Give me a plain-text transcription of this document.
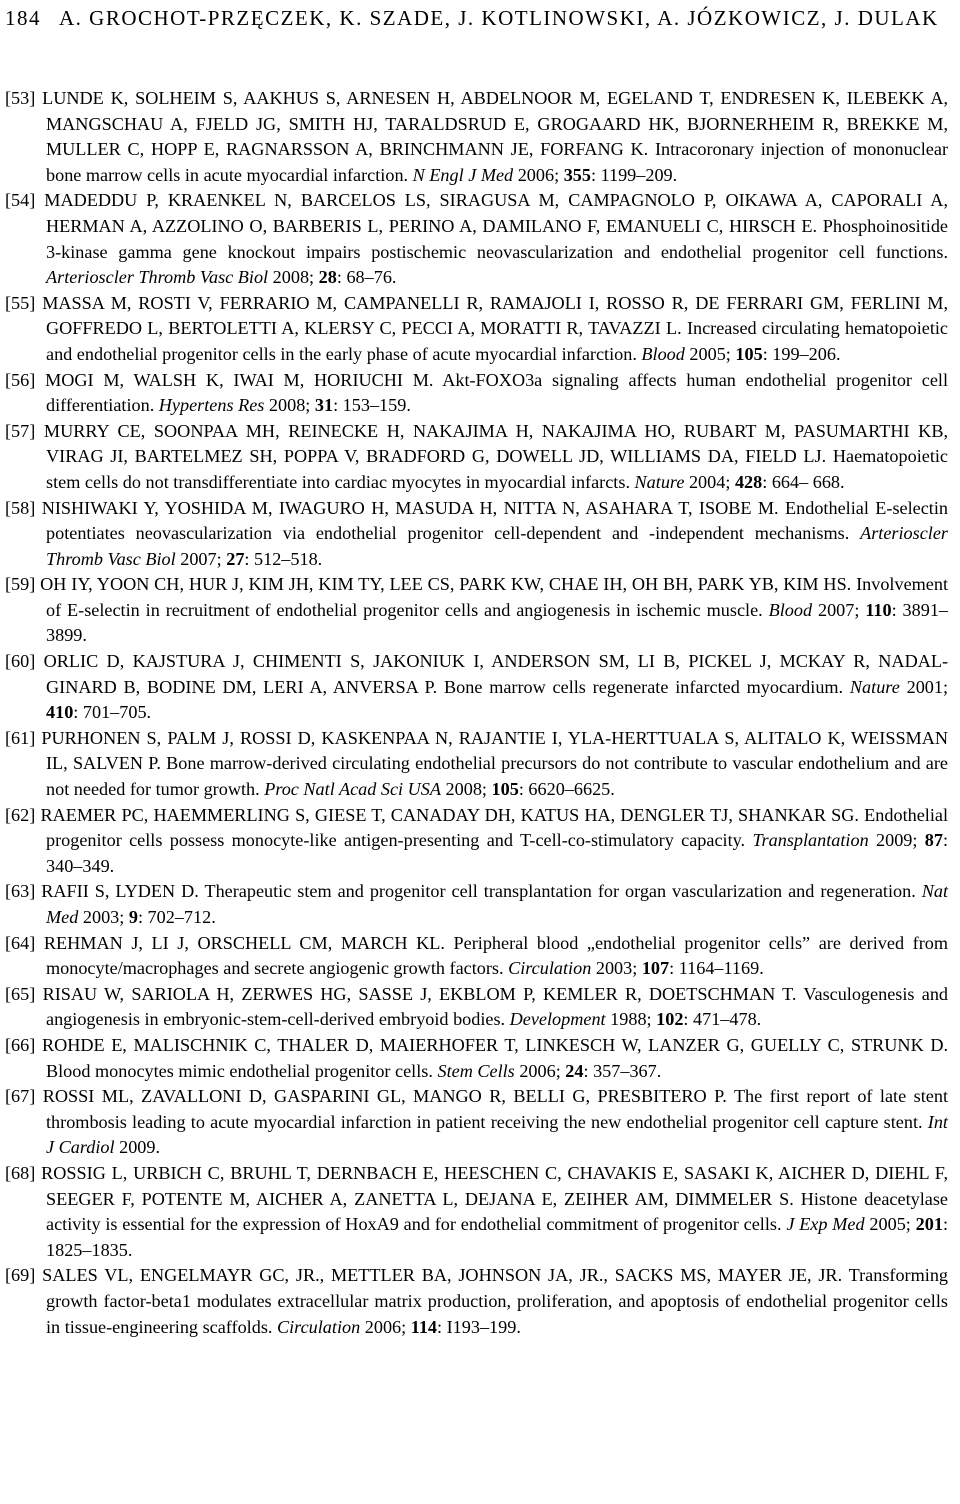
184 A. GROCHOT-PRZĘCZEK, K. SZADE, J. KOTLINOWSKI, A. JÓZKOWICZ, J. DULAK

[53] LUNDE K, SOLHEIM S, AAKHUS S, ARNESEN H, ABDELNOOR M, EGELAND T, ENDRESEN K, ILEBEKK A, MANGSCHAU A, FJELD JG, SMITH HJ, TARALDSRUD E, GROGAARD HK, BJORNERHEIM R, BREKKE M, MULLER C, HOPP E, RAGNARSSON A, BRINCHMANN JE, FORFANG K. Intracoronary injection of mononuclear bone marrow cells in acute myocardial infarction. N Engl J Med 2006; 355: 1199–209.

[54] MADEDDU P, KRAENKEL N, BARCELOS LS, SIRAGUSA M, CAMPAGNOLO P, OIKAWA A, CAPORALI A, HERMAN A, AZZOLINO O, BARBERIS L, PERINO A, DAMILANO F, EMANUELI C, HIRSCH E. Phosphoinositide 3-kinase gamma gene knockout impairs postischemic neovascularization and endothelial progenitor cell functions. Arterioscler Thromb Vasc Biol 2008; 28: 68–76.

[55] MASSA M, ROSTI V, FERRARIO M, CAMPANELLI R, RAMAJOLI I, ROSSO R, DE FERRARI GM, FERLINI M, GOFFREDO L, BERTOLETTI A, KLERSY C, PECCI A, MORATTI R, TAVAZZI L. Increased circulating hematopoietic and endothelial progenitor cells in the early phase of acute myocardial infarction. Blood 2005; 105: 199–206.

[56] MOGI M, WALSH K, IWAI M, HORIUCHI M. Akt-FOXO3a signaling affects human endothelial progenitor cell differentiation. Hypertens Res 2008; 31: 153–159.

[57] MURRY CE, SOONPAA MH, REINECKE H, NAKAJIMA H, NAKAJIMA HO, RUBART M, PASUMARTHI KB, VIRAG JI, BARTELMEZ SH, POPPA V, BRADFORD G, DOWELL JD, WILLIAMS DA, FIELD LJ. Haematopoietic stem cells do not transdifferentiate into cardiac myocytes in myocardial infarcts. Nature 2004; 428: 664– 668.

[58] NISHIWAKI Y, YOSHIDA M, IWAGURO H, MASUDA H, NITTA N, ASAHARA T, ISOBE M. Endothelial E-selectin potentiates neovascularization via endothelial progenitor cell-dependent and -independent mechanisms. Arterioscler Thromb Vasc Biol 2007; 27: 512–518.

[59] OH IY, YOON CH, HUR J, KIM JH, KIM TY, LEE CS, PARK KW, CHAE IH, OH BH, PARK YB, KIM HS. Involvement of E-selectin in recruitment of endothelial progenitor cells and angiogenesis in ischemic muscle. Blood 2007; 110: 3891–3899.

[60] ORLIC D, KAJSTURA J, CHIMENTI S, JAKONIUK I, ANDERSON SM, LI B, PICKEL J, MCKAY R, NADAL-GINARD B, BODINE DM, LERI A, ANVERSA P. Bone marrow cells regenerate infarcted myocardium. Nature 2001; 410: 701–705.

[61] PURHONEN S, PALM J, ROSSI D, KASKENPAA N, RAJANTIE I, YLA-HERTTUALA S, ALITALO K, WEISSMAN IL, SALVEN P. Bone marrow-derived circulating endothelial precursors do not contribute to vascular endothelium and are not needed for tumor growth. Proc Natl Acad Sci USA 2008; 105: 6620–6625.

[62] RAEMER PC, HAEMMERLING S, GIESE T, CANADAY DH, KATUS HA, DENGLER TJ, SHANKAR SG. Endothelial progenitor cells possess monocyte-like antigen-presenting and T-cell-co-stimulatory capacity. Transplantation 2009; 87: 340–349.

[63] RAFII S, LYDEN D. Therapeutic stem and progenitor cell transplantation for organ vascularization and regeneration. Nat Med 2003; 9: 702–712.

[64] REHMAN J, LI J, ORSCHELL CM, MARCH KL. Peripheral blood „endothelial progenitor cells” are derived from monocyte/macrophages and secrete angiogenic growth factors. Circulation 2003; 107: 1164–1169.

[65] RISAU W, SARIOLA H, ZERWES HG, SASSE J, EKBLOM P, KEMLER R, DOETSCHMAN T. Vasculogenesis and angiogenesis in embryonic-stem-cell-derived embryoid bodies. Development 1988; 102: 471–478.

[66] ROHDE E, MALISCHNIK C, THALER D, MAIERHOFER T, LINKESCH W, LANZER G, GUELLY C, STRUNK D. Blood monocytes mimic endothelial progenitor cells. Stem Cells 2006; 24: 357–367.

[67] ROSSI ML, ZAVALLONI D, GASPARINI GL, MANGO R, BELLI G, PRESBITERO P. The first report of late stent thrombosis leading to acute myocardial infarction in patient receiving the new endothelial progenitor cell capture stent. Int J Cardiol 2009.

[68] ROSSIG L, URBICH C, BRUHL T, DERNBACH E, HEESCHEN C, CHAVAKIS E, SASAKI K, AICHER D, DIEHL F, SEEGER F, POTENTE M, AICHER A, ZANETTA L, DEJANA E, ZEIHER AM, DIMMELER S. Histone deacetylase activity is essential for the expression of HoxA9 and for endothelial commitment of progenitor cells. J Exp Med 2005; 201: 1825–1835.

[69] SALES VL, ENGELMAYR GC, JR., METTLER BA, JOHNSON JA, JR., SACKS MS, MAYER JE, JR. Transforming growth factor-beta1 modulates extracellular matrix production, proliferation, and apoptosis of endothelial progenitor cells in tissue-engineering scaffolds. Circulation 2006; 114: I193–199.
